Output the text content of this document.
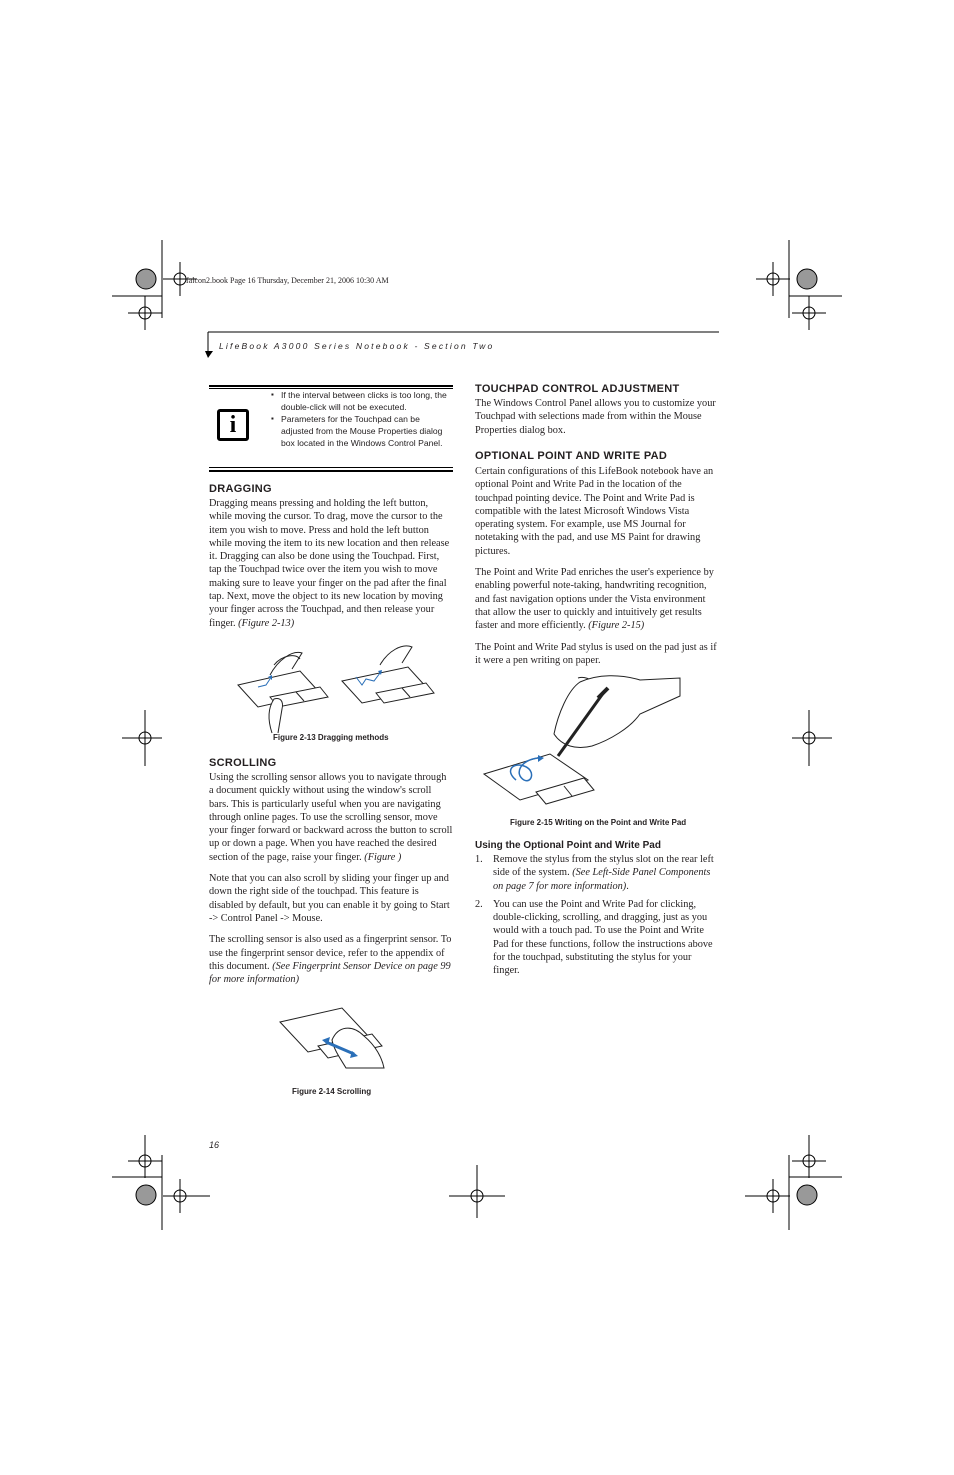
falcon2.book Page 16 Thursday, December 21, 2006 10:30 AM
LifeBook A3000 Series Notebook - Section Two
i
▪ If the interval between clicks is too long, the double-click will not be executed.
▪ Parameters for the Touchpad can be adjusted from the Mouse Properties dialog box located in the Windows Control Panel.
DRAGGING

Dragging means pressing and holding the left button, while moving the cursor. To drag, move the cursor to the item you wish to move. Press and hold the left button while moving the item to its new location and then release it. Dragging can also be done using the Touchpad. First, tap the Touchpad twice over the item you wish to move making sure to leave your finger on the pad after the final tap. Next, move the object to its new location by moving your finger across the Touchpad, and then release your finger. (Figure 2-13)

Figure 2-13 Dragging methods
SCROLLING

Using the scrolling sensor allows you to navigate through a document quickly without using the window's scroll bars. This is particularly useful when you are navigating through online pages. To use the scrolling sensor, move your finger forward or backward across the button to scroll up or down a page. When you have reached the desired section of the page, raise your finger. (Figure )

Note that you can also scroll by sliding your finger up and down the right side of the touchpad. This feature is disabled by default, but you can enable it by going to Start -> Control Panel -> Mouse.

The scrolling sensor is also used as a fingerprint sensor. To use the fingerprint sensor device, refer to the appendix of this document. (See Fingerprint Sensor Device on page 99 for more information)

Figure 2-14 Scrolling
TOUCHPAD CONTROL ADJUSTMENT

The Windows Control Panel allows you to customize your Touchpad with selections made from within the Mouse Properties dialog box.

OPTIONAL POINT AND WRITE PAD

Certain configurations of this LifeBook notebook have an optional Point and Write Pad in the location of the touchpad pointing device. The Point and Write Pad is compatible with the latest Microsoft Windows Vista operating system. For example, use MS Journal for notetaking with the pad, and use MS Paint for drawing pictures.

The Point and Write Pad enriches the user's experience by enabling powerful note-taking, handwriting recognition, and fast navigation options under the Vista environment that allow the user to quickly and intuitively get results faster and more efficiently. (Figure 2-15)

The Point and Write Pad stylus is used on the pad just as if it were a pen writing on paper.

Figure 2-15 Writing on the Point and Write Pad
Using the Optional Point and Write Pad
1. Remove the stylus from the stylus slot on the rear left side of the system. (See Left-Side Panel Components on page 7 for more information).
2. You can use the Point and Write Pad for clicking, double-clicking, scrolling, and dragging, just as you would with a touch pad. To use the Point and Write Pad for these functions, follow the instructions above for the touchpad, substituting the stylus for your finger.
16
